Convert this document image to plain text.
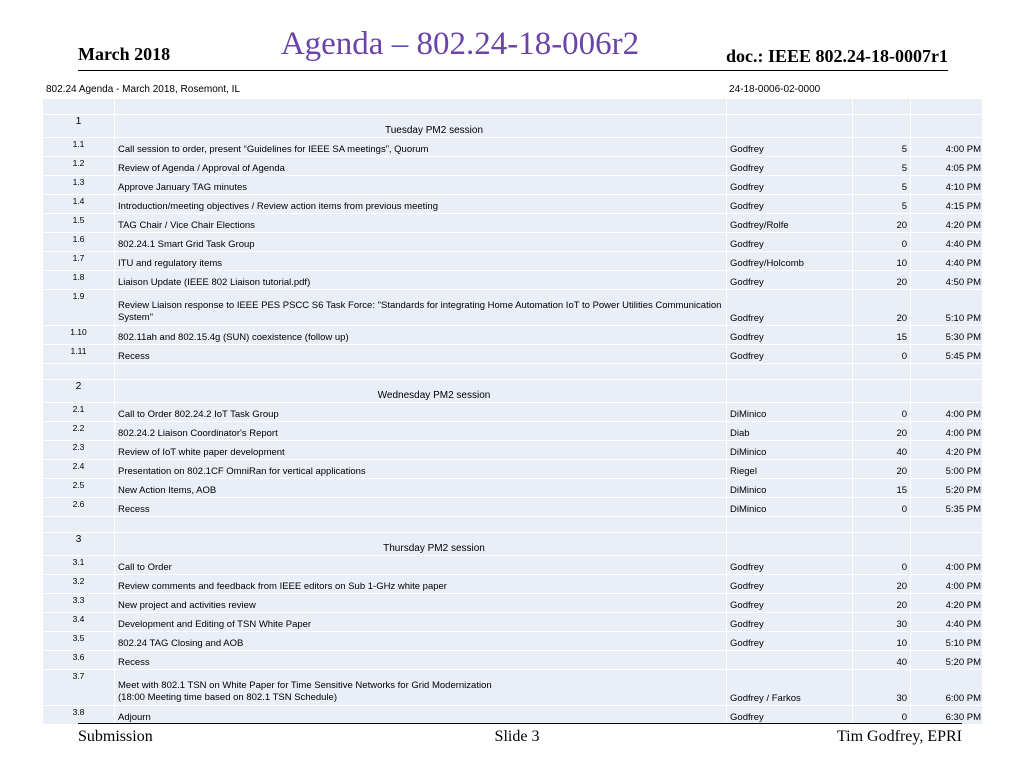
March 2018	Agenda – 802.24-18-006r2	doc.: IEEE 802.24-18-0007r1
802.24 Agenda - March 2018, Rosemont, IL		24-18-0006-02-0000		

1	Tuesday PM2 session			
1.1	Call session to order, present “Guidelines for IEEE SA meetings”, Quorum	Godfrey	5	4:00 PM
1.2	Review of Agenda / Approval of Agenda	Godfrey	5	4:05 PM
1.3	Approve January TAG minutes	Godfrey	5	4:10 PM
1.4	Introduction/meeting objectives / Review action items from previous meeting	Godfrey	5	4:15 PM
1.5	TAG Chair / Vice Chair Elections	Godfrey/Rolfe	20	4:20 PM
1.6	802.24.1 Smart Grid Task Group	Godfrey	0	4:40 PM
1.7	ITU and regulatory items	Godfrey/Holcomb	10	4:40 PM
1.8	Liaison Update (IEEE 802 Liaison tutorial.pdf)	Godfrey	20	4:50 PM
1.9	Review Liaison response to IEEE PES PSCC S6 Task Force: "Standards for integrating Home Automation IoT to Power Utilities Communication System"	Godfrey	20	5:10 PM
1.10	802.11ah and 802.15.4g (SUN) coexistence (follow up)	Godfrey	15	5:30 PM
1.11	Recess	Godfrey	0	5:45 PM

2	Wednesday PM2 session			
2.1	Call to Order 802.24.2 IoT Task Group	DiMinico	0	4:00 PM
2.2	802.24.2 Liaison Coordinator's Report	Diab	20	4:00 PM
2.3	Review of IoT white paper development	DiMinico	40	4:20 PM
2.4	Presentation on 802.1CF OmniRan for vertical applications	Riegel	20	5:00 PM
2.5	New Action Items, AOB	DiMinico	15	5:20 PM
2.6	Recess	DiMinico	0	5:35 PM

3	Thursday PM2 session			
3.1	Call to Order	Godfrey	0	4:00 PM
3.2	Review comments and feedback from IEEE editors on Sub 1-GHz white paper	Godfrey	20	4:00 PM
3.3	New project and activities review	Godfrey	20	4:20 PM
3.4	Development and Editing of TSN White Paper	Godfrey	30	4:40 PM
3.5	802.24 TAG Closing and AOB	Godfrey	10	5:10 PM
3.6	Recess		40	5:20 PM
3.7	Meet with 802.1 TSN on White Paper for Time Sensitive Networks for Grid Modernization
(18:00 Meeting time based on 802.1 TSN Schedule)	Godfrey / Farkos	30	6:00 PM
3.8	Adjourn	Godfrey	0	6:30 PM
Submission	Slide 3	Tim Godfrey, EPRI
